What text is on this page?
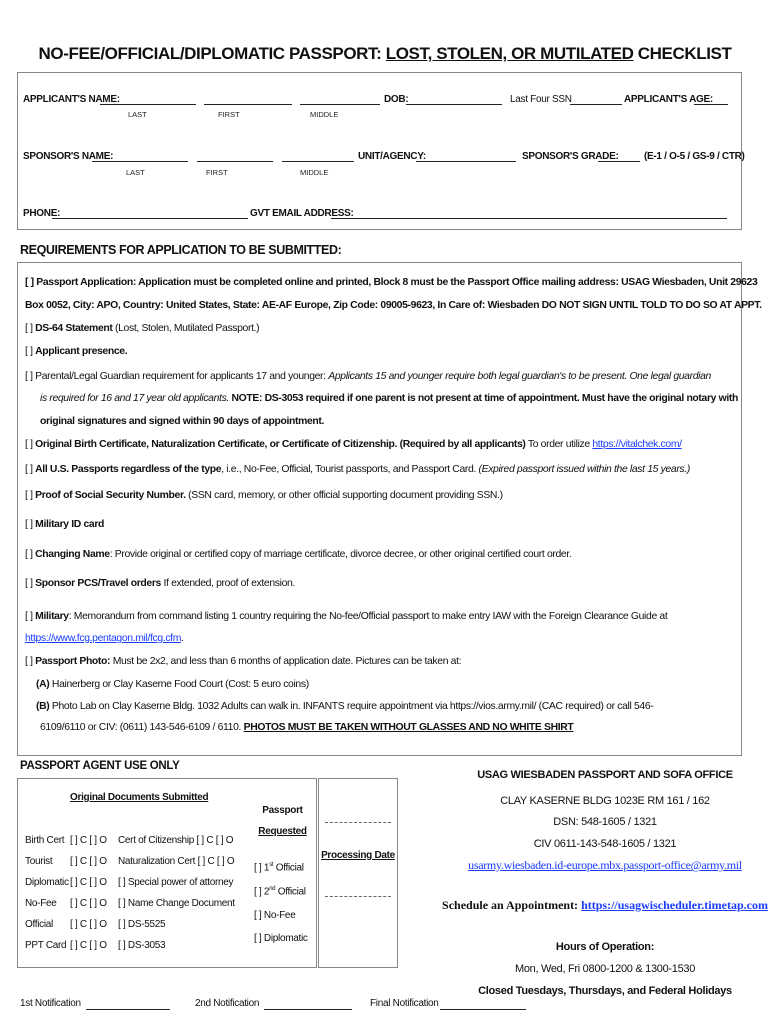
NO-FEE/OFFICIAL/DIPLOMATIC PASSPORT: LOST, STOLEN, OR MUTILATED CHECKLIST
APPLICANT'S NAME:
LAST	FIRST	MIDDLE
DOB:	Last Four SSN	APPLICANT'S AGE:
SPONSOR'S NAME:
LAST	FIRST	MIDDLE
UNIT/AGENCY:	SPONSOR'S GRADE:	(E-1 / O-5 / GS-9 / CTR)
PHONE:	GVT EMAIL ADDRESS:
REQUIREMENTS FOR APPLICATION TO BE SUBMITTED:
[ ] Passport Application: Application must be completed online and printed, Block 8 must be the Passport Office mailing address: USAG Wiesbaden, Unit 29623
Box 0052, City: APO, Country: United States, State: AE-AF Europe, Zip Code: 09005-9623, In Care of: Wiesbaden DO NOT SIGN UNTIL TOLD TO DO SO AT APPT.
[ ] DS-64 Statement (Lost, Stolen, Mutilated Passport.)
[ ] Applicant presence.
[ ] Parental/Legal Guardian requirement for applicants 17 and younger: Applicants 15 and younger require both legal guardian's to be present. One legal guardian
is required for 16 and 17 year old applicants. NOTE: DS-3053 required if one parent is not present at time of appointment. Must have the original notary with
original signatures and signed within 90 days of appointment.
[ ] Original Birth Certificate, Naturalization Certificate, or Certificate of Citizenship. (Required by all applicants) To order utilize https://vitalchek.com/
[ ] All U.S. Passports regardless of the type, i.e., No-Fee, Official, Tourist passports, and Passport Card. (Expired passport issued within the last 15 years.)
[ ] Proof of Social Security Number. (SSN card, memory, or other official supporting document providing SSN.)
[ ] Military ID card
[ ] Changing Name: Provide original or certified copy of marriage certificate, divorce decree, or other original certified court order.
[ ] Sponsor PCS/Travel orders If extended, proof of extension.
[ ] Military: Memorandum from command listing 1 country requiring the No-fee/Official passport to make entry IAW with the Foreign Clearance Guide at
https://www.fcg.pentagon.mil/fcg.cfm.
[ ] Passport Photo: Must be 2x2, and less than 6 months of application date. Pictures can be taken at:
(A) Hainerberg or Clay Kaserne Food Court (Cost: 5 euro coins)
(B) Photo Lab on Clay Kaserne Bldg. 1032 Adults can walk in. INFANTS require appointment via https://vios.army.mil/ (CAC required) or call 546-
6109/6110 or CIV: (0611) 143-546-6109 / 6110. PHOTOS MUST BE TAKEN WITHOUT GLASSES AND NO WHITE SHIRT
PASSPORT AGENT USE ONLY
Original Documents Submitted
Birth Cert [ ] C [ ] O Cert of Citizenship [ ] C [ ] O
Tourist [ ] C [ ] O Naturalization Cert [ ] C [ ] O
Diplomatic [ ] C [ ] O [ ] Special power of attorney
No-Fee [ ] C [ ] O [ ] Name Change Document
Official [ ] C [ ] O [ ] DS-5525
PPT Card [ ] C [ ] O [ ] DS-3053
Passport
Requested
[ ] 1st Official
[ ] 2nd Official
[ ] No-Fee
[ ] Diplomatic
Processing Date
USAG WIESBADEN PASSPORT AND SOFA OFFICE
CLAY KASERNE BLDG 1023E RM 161 / 162
DSN: 548-1605 / 1321
CIV 0611-143-548-1605 / 1321
usarmy.wiesbaden.id-europe.mbx.passport-office@army.mil
Schedule an Appointment: https://usagwischeduler.timetap.com
Hours of Operation:
Mon, Wed, Fri 0800-1200 & 1300-1530
Closed Tuesdays, Thursdays, and Federal Holidays
1st Notification	2nd Notification	Final Notification
